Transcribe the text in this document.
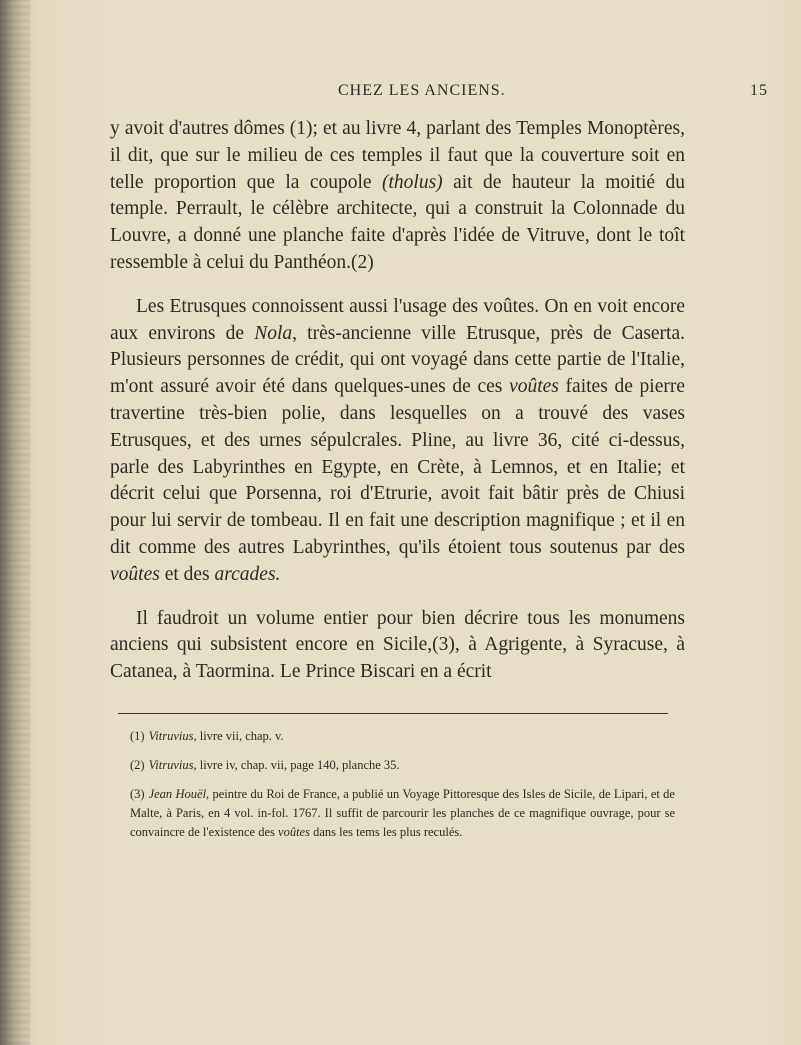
CHEZ LES ANCIENS.	15

y avoit d'autres dômes (1); et au livre 4, parlant des Temples Monoptères, il dit, que sur le milieu de ces temples il faut que la couverture soit en telle proportion que la coupole (tholus) ait de hauteur la moitié du temple. Perrault, le célèbre architecte, qui a construit la Colonnade du Louvre, a donné une planche faite d'après l'idée de Vitruve, dont le toît ressemble à celui du Panthéon.(2)

Les Etrusques connoissent aussi l'usage des voûtes. On en voit encore aux environs de Nola, très-ancienne ville Etrusque, près de Caserta. Plusieurs personnes de crédit, qui ont voyagé dans cette partie de l'Italie, m'ont assuré avoir été dans quelques-unes de ces voûtes faites de pierre travertine très-bien polie, dans lesquelles on a trouvé des vases Etrusques, et des urnes sépulcrales. Pline, au livre 36, cité ci-dessus, parle des Labyrinthes en Egypte, en Crète, à Lemnos, et en Italie; et décrit celui que Porsenna, roi d'Etrurie, avoit fait bâtir près de Chiusi pour lui servir de tombeau. Il en fait une description magnifique ; et il en dit comme des autres Labyrinthes, qu'ils étoient tous soutenus par des voûtes et des arcades.

Il faudroit un volume entier pour bien décrire tous les monumens anciens qui subsistent encore en Sicile,(3), à Agrigente, à Syracuse, à Catanea, à Taormina. Le Prince Biscari en a écrit

(1) Vitruvius, livre vii, chap. v.

(2) Vitruvius, livre iv, chap. vii, page 140, planche 35.

(3) Jean Houël, peintre du Roi de France, a publié un Voyage Pittoresque des Isles de Sicile, de Lipari, et de Malte, à Paris, en 4 vol. in-fol. 1767. Il suffit de parcourir les planches de ce magnifique ouvrage, pour se convaincre de l'existence des voûtes dans les tems les plus reculés.
